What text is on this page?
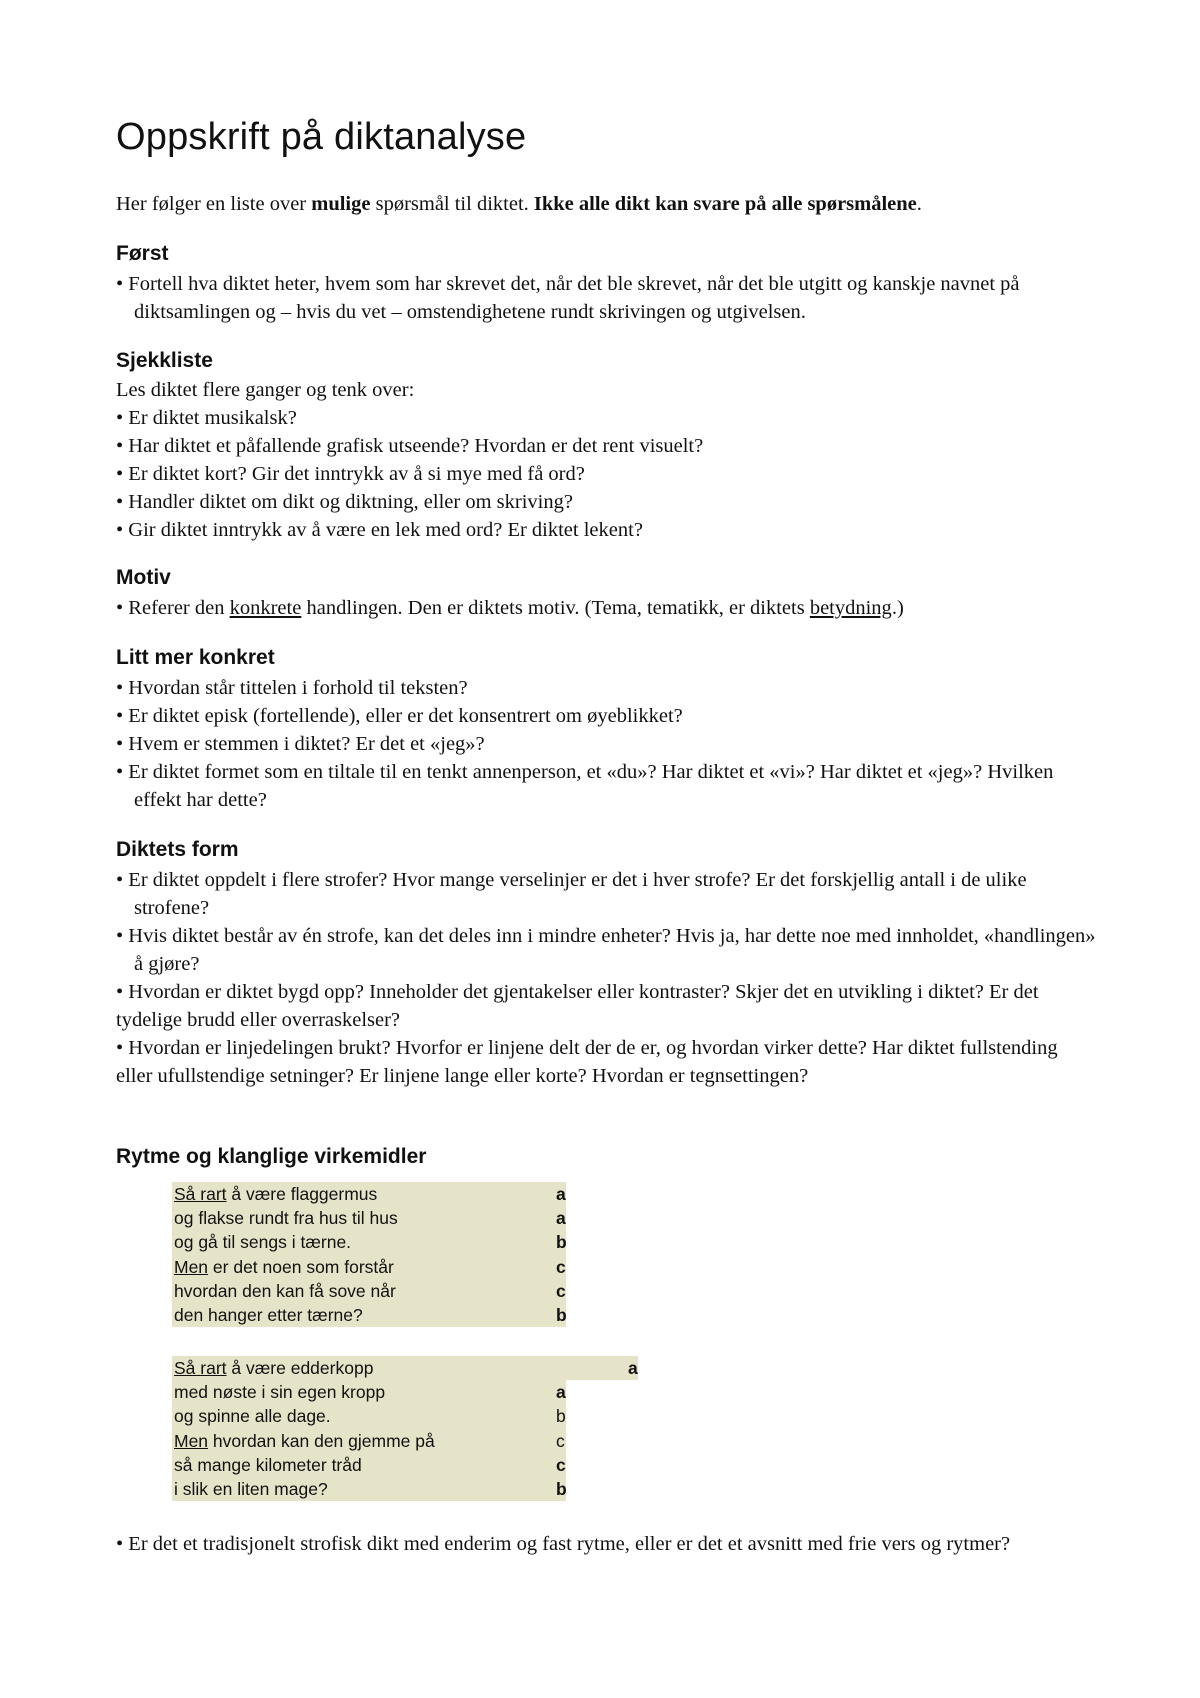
Oppskrift på diktanalyse
Her følger en liste over mulige spørsmål til diktet. Ikke alle dikt kan svare på alle spørsmålene.
Først
• Fortell hva diktet heter, hvem som har skrevet det, når det ble skrevet, når det ble utgitt og kanskje navnet på diktsamlingen og – hvis du vet – omstendighetene rundt skrivingen og utgivelsen.
Sjekkliste
Les diktet flere ganger og tenk over:
• Er diktet musikalsk?
• Har diktet et påfallende grafisk utseende? Hvordan er det rent visuelt?
• Er diktet kort? Gir det inntrykk av å si mye med få ord?
• Handler diktet om dikt og diktning, eller om skriving?
• Gir diktet inntrykk av å være en lek med ord? Er diktet lekent?
Motiv
• Referer den konkrete handlingen. Den er diktets motiv. (Tema, tematikk, er diktets betydning.)
Litt mer konkret
• Hvordan står tittelen i forhold til teksten?
• Er diktet episk (fortellende), eller er det konsentrert om øyeblikket?
• Hvem er stemmen i diktet? Er det et «jeg»?
• Er diktet formet som en tiltale til en tenkt annenperson, et «du»? Har diktet et «vi»? Har diktet et «jeg»? Hvilken effekt har dette?
Diktets form
• Er diktet oppdelt i flere strofer? Hvor mange verselinjer er det i hver strofe? Er det forskjellig antall i de ulike strofene?
• Hvis diktet består av én strofe, kan det deles inn i mindre enheter? Hvis ja, har dette noe med innholdet, «handlingen» å gjøre?
• Hvordan er diktet bygd opp? Inneholder det gjentakelser eller kontraster? Skjer det en utvikling i diktet? Er det tydelige brudd eller overraskelser?
• Hvordan er linjedelingen brukt? Hvorfor er linjene delt der de er, og hvordan virker dette? Har diktet fullstending eller ufullstendige setninger? Er linjene lange eller korte? Hvordan er tegnsettingen?
Rytme og klanglige virkemidler
Så rart å være flaggermus	a
og flakse rundt fra hus til hus	a
og gå til sengs i tærne.	b
Men er det noen som forstår	c
hvordan den kan få sove når	c
den hanger etter tærne?	b
Så rart å være edderkopp	a
med nøste i sin egen kropp	a
og spinne alle dage.	b
Men hvordan kan den gjemme på	c
så mange kilometer tråd	c
i slik en liten mage?	b
• Er det et tradisjonelt strofisk dikt med enderim og fast rytme, eller er det et avsnitt med frie vers og rytmer?
